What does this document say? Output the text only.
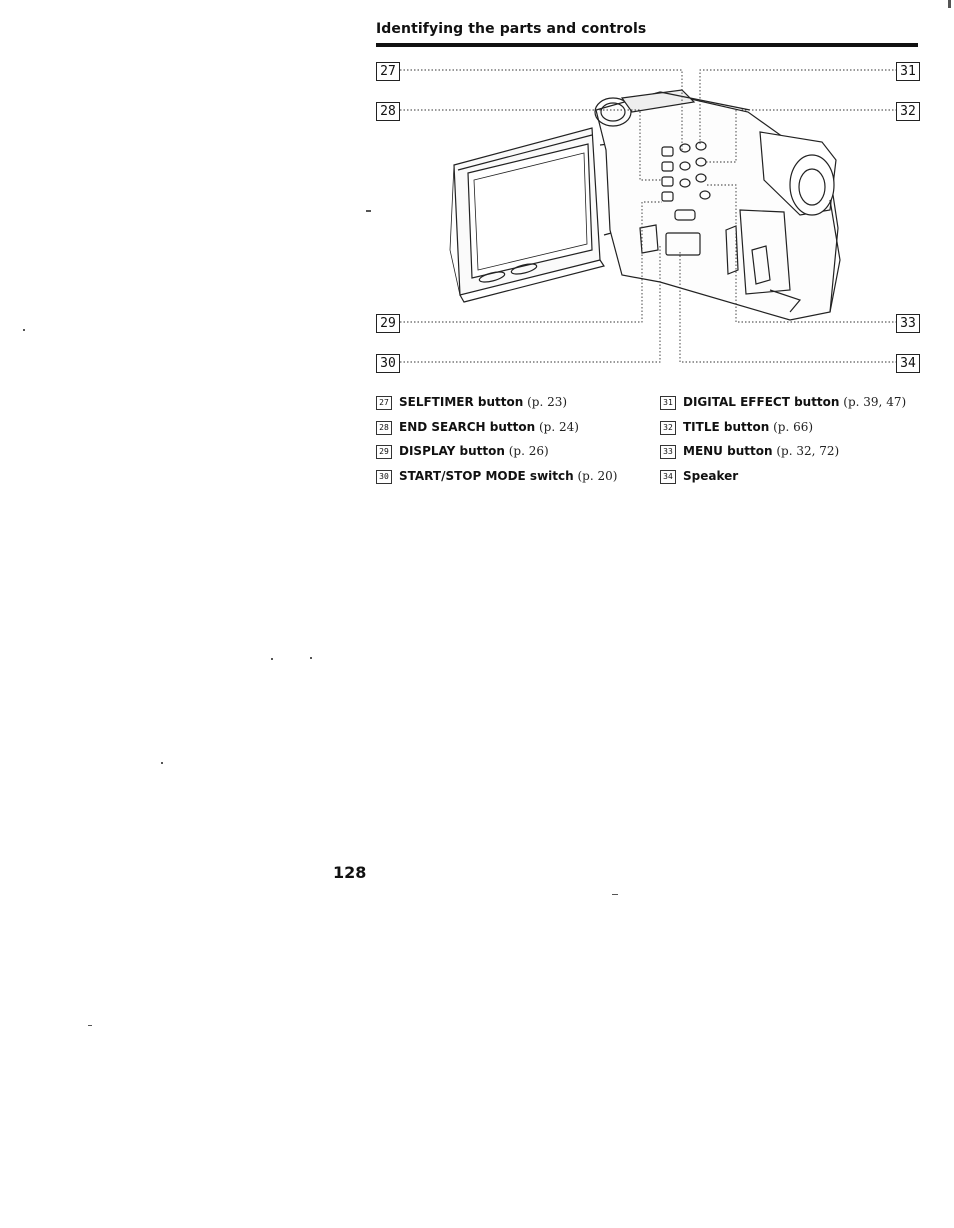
Identifying the parts and controls
27
28
29
30
31
32
33
34
27 SELFTIMER button (p. 23)
28 END SEARCH button (p. 24)
29 DISPLAY button (p. 26)
30 START/STOP MODE switch (p. 20)
31 DIGITAL EFFECT button (p. 39, 47)
32 TITLE button (p. 66)
33 MENU button (p. 32, 72)
34 Speaker

128
